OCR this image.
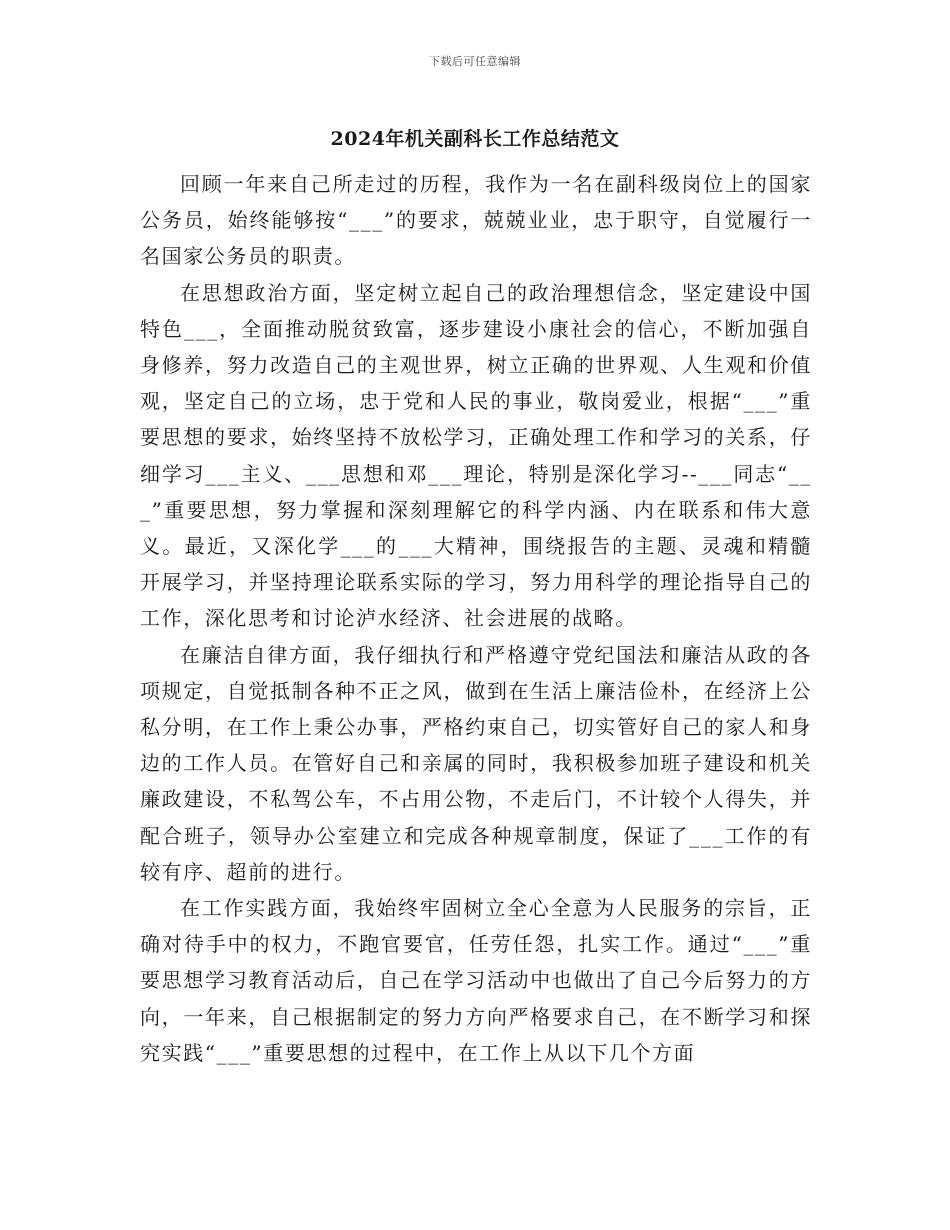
下载后可任意编辑
2024年机关副科长工作总结范文

回顾一年来自己所走过的历程，我作为一名在副科级岗位上的国家公务员，始终能够按“___”的要求，兢兢业业，忠于职守，自觉履行一名国家公务员的职责。

在思想政治方面，坚定树立起自己的政治理想信念，坚定建设中国特色___，全面推动脱贫致富，逐步建设小康社会的信心，不断加强自身修养，努力改造自己的主观世界，树立正确的世界观、人生观和价值观，坚定自己的立场，忠于党和人民的事业，敬岗爱业，根据“___”重要思想的要求，始终坚持不放松学习，正确处理工作和学习的关系，仔细学习___主义、___思想和邓___理论，特别是深化学习--___同志“___”重要思想，努力掌握和深刻理解它的科学内涵、内在联系和伟大意义。最近，又深化学___的___大精神，围绕报告的主题、灵魂和精髓开展学习，并坚持理论联系实际的学习，努力用科学的理论指导自己的工作，深化思考和讨论泸水经济、社会进展的战略。

在廉洁自律方面，我仔细执行和严格遵守党纪国法和廉洁从政的各项规定，自觉抵制各种不正之风，做到在生活上廉洁俭朴，在经济上公私分明，在工作上秉公办事，严格约束自己，切实管好自己的家人和身边的工作人员。在管好自己和亲属的同时，我积极参加班子建设和机关廉政建设，不私驾公车，不占用公物，不走后门，不计较个人得失，并配合班子，领导办公室建立和完成各种规章制度，保证了___工作的有较有序、超前的进行。

在工作实践方面，我始终牢固树立全心全意为人民服务的宗旨，正确对待手中的权力，不跑官要官，任劳任怨，扎实工作。通过“___”重要思想学习教育活动后，自己在学习活动中也做出了自己今后努力的方向，一年来，自己根据制定的努力方向严格要求自己，在不断学习和探究实践“___”重要思想的过程中，在工作上从以下几个方面
